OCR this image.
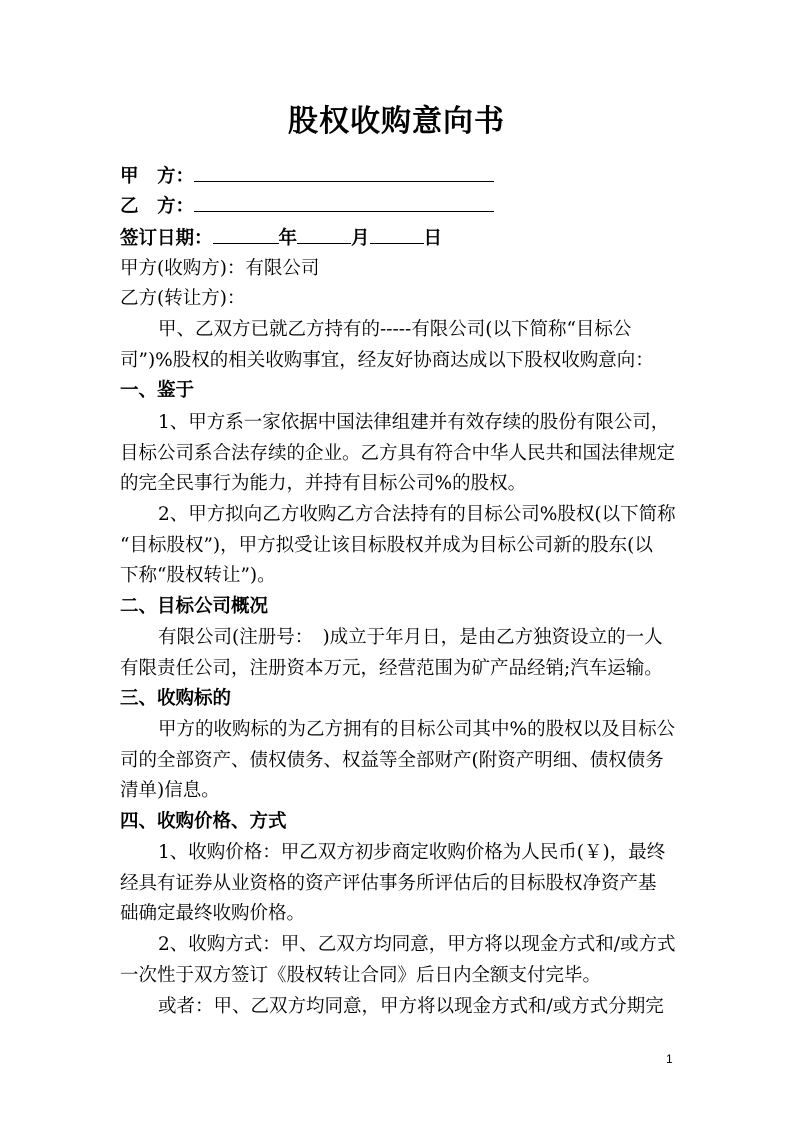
股权收购意向书
甲　方：
乙　方：
签订日期：	年	月	日
甲方(收购方)：有限公司
乙方(转让方)：
甲、乙双方已就乙方持有的-----有限公司(以下简称“目标公
司”)%股权的相关收购事宜，经友好协商达成以下股权收购意向：
一、鉴于
1、甲方系一家依据中国法律组建并有效存续的股份有限公司，
目标公司系合法存续的企业。乙方具有符合中华人民共和国法律规定
的完全民事行为能力，并持有目标公司%的股权。
2、甲方拟向乙方收购乙方合法持有的目标公司%股权(以下简称
“目标股权”)，甲方拟受让该目标股权并成为目标公司新的股东(以
下称“股权转让”)。
二、目标公司概况
有限公司(注册号：　)成立于年月日，是由乙方独资设立的一人
有限责任公司，注册资本万元，经营范围为矿产品经销;汽车运输。
三、收购标的
甲方的收购标的为乙方拥有的目标公司其中%的股权以及目标公
司的全部资产、债权债务、权益等全部财产(附资产明细、债权债务
清单)信息。
四、收购价格、方式
1、收购价格：甲乙双方初步商定收购价格为人民币(￥)，最终
经具有证券从业资格的资产评估事务所评估后的目标股权净资产基
础确定最终收购价格。
2、收购方式：甲、乙双方均同意，甲方将以现金方式和/或方式
一次性于双方签订《股权转让合同》后日内全额支付完毕。
或者：甲、乙双方均同意，甲方将以现金方式和/或方式分期完
1
